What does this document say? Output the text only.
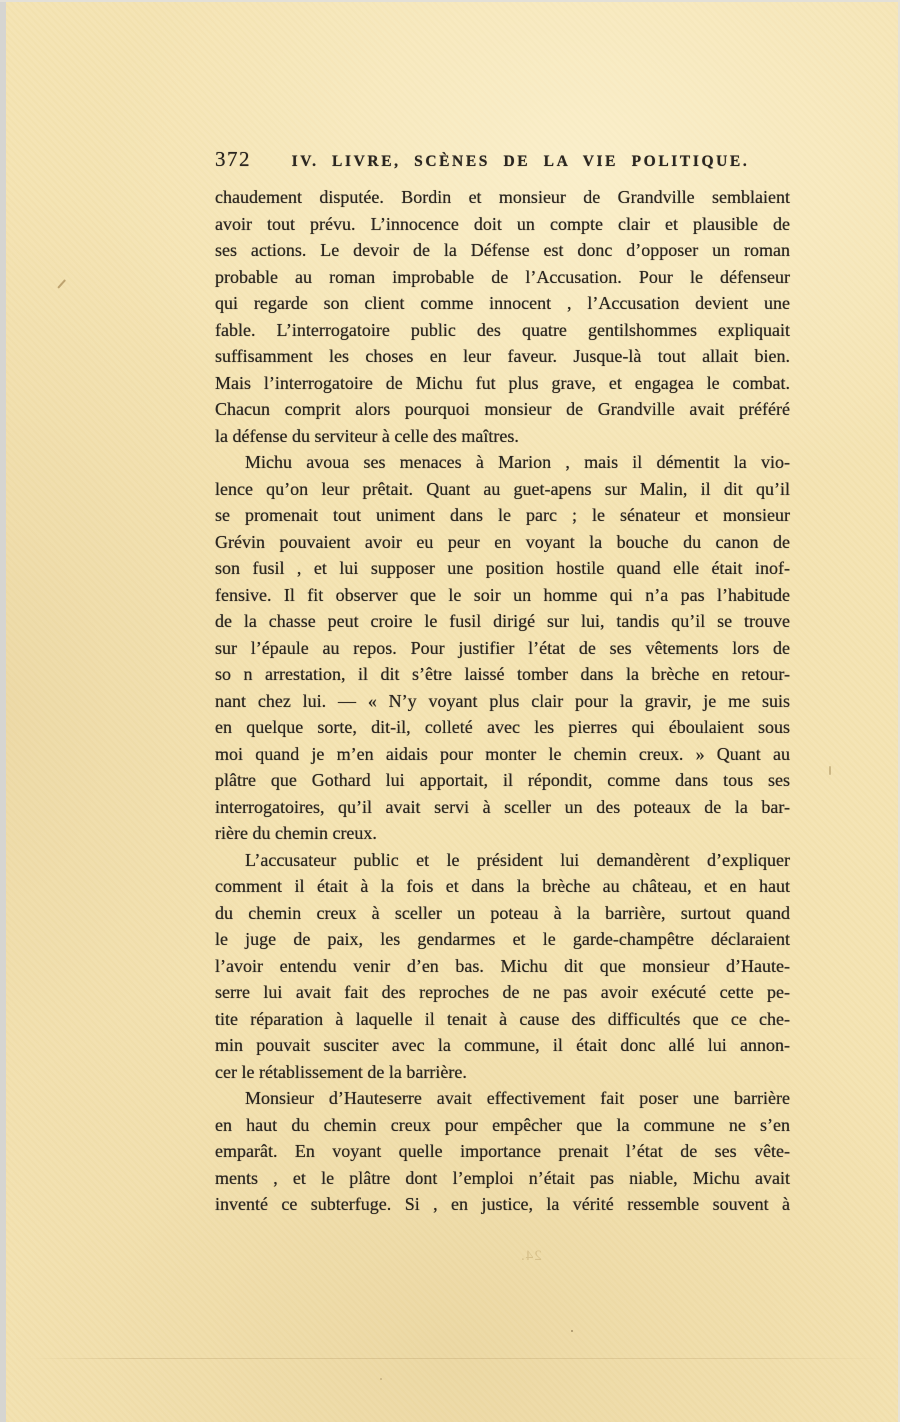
372	IV. LIVRE, SCÈNES DE LA VIE POLITIQUE.
chaudement disputée. Bordin et monsieur de Grandville semblaient
avoir tout prévu. L’innocence doit un compte clair et plausible de
ses actions. Le devoir de la Défense est donc d’opposer un roman
probable au roman improbable de l’Accusation. Pour le défenseur
qui regarde son client comme innocent , l’Accusation devient une
fable. L’interrogatoire public des quatre gentilshommes expliquait
suffisamment les choses en leur faveur. Jusque-là tout allait bien.
Mais l’interrogatoire de Michu fut plus grave, et engagea le combat.
Chacun comprit alors pourquoi monsieur de Grandville avait préféré
la défense du serviteur à celle des maîtres.
Michu avoua ses menaces à Marion , mais il démentit la vio-
lence qu’on leur prêtait. Quant au guet-apens sur Malin, il dit qu’il
se promenait tout uniment dans le parc ; le sénateur et monsieur
Grévin pouvaient avoir eu peur en voyant la bouche du canon de
son fusil , et lui supposer une position hostile quand elle était inof-
fensive. Il fit observer que le soir un homme qui n’a pas l’habitude
de la chasse peut croire le fusil dirigé sur lui, tandis qu’il se trouve
sur l’épaule au repos. Pour justifier l’état de ses vêtements lors de
so n arrestation, il dit s’être laissé tomber dans la brèche en retour-
nant chez lui. — « N’y voyant plus clair pour la gravir, je me suis
en quelque sorte, dit-il, colleté avec les pierres qui éboulaient sous
moi quand je m’en aidais pour monter le chemin creux. » Quant au
plâtre que Gothard lui apportait, il répondit, comme dans tous ses
interrogatoires, qu’il avait servi à sceller un des poteaux de la bar-
rière du chemin creux.
L’accusateur public et le président lui demandèrent d’expliquer
comment il était à la fois et dans la brèche au château, et en haut
du chemin creux à sceller un poteau à la barrière, surtout quand
le juge de paix, les gendarmes et le garde-champêtre déclaraient
l’avoir entendu venir d’en bas. Michu dit que monsieur d’Haute-
serre lui avait fait des reproches de ne pas avoir exécuté cette pe-
tite réparation à laquelle il tenait à cause des difficultés que ce che-
min pouvait susciter avec la commune, il était donc allé lui annon-
cer le rétablissement de la barrière.
Monsieur d’Hauteserre avait effectivement fait poser une barrière
en haut du chemin creux pour empêcher que la commune ne s’en
emparât. En voyant quelle importance prenait l’état de ses vête-
ments , et le plâtre dont l’emploi n’était pas niable, Michu avait
inventé ce subterfuge. Si , en justice, la vérité ressemble souvent à
24.
